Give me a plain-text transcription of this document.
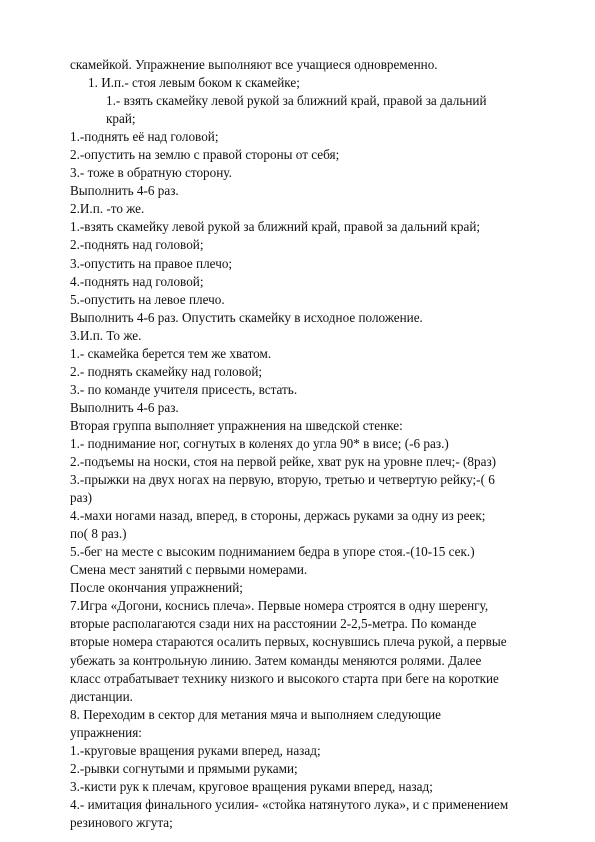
скамейкой. Упражнение выполняют все учащиеся одновременно.
1. И.п.- стоя левым боком к скамейке;
1.- взять скамейку левой рукой за ближний край, правой за дальний
край;
1.-поднять её над головой;
2.-опустить на землю с правой стороны от себя;
3.- тоже в обратную сторону.
Выполнить 4-6 раз.
2.И.п. -то же.
1.-взять скамейку левой рукой за ближний край, правой за дальний край;
2.-поднять над головой;
3.-опустить на правое плечо;
4.-поднять над головой;
5.-опустить на левое плечо.
Выполнить 4-6 раз. Опустить скамейку в исходное положение.
3.И.п. То же.
1.- скамейка берется тем же хватом.
2.- поднять скамейку над головой;
3.- по команде учителя присесть, встать.
Выполнить 4-6 раз.
Вторая группа выполняет упражнения на шведской стенке:
1.- поднимание ног, согнутых в коленях до угла 90* в висе; (-6 раз.)
2.-подъемы на носки, стоя на первой рейке, хват рук на уровне плеч;- (8раз)
3.-прыжки на двух ногах на первую, вторую, третью и четвертую рейку;-( 6
раз)
4.-махи ногами назад, вперед, в стороны, держась руками за одну из реек;
по( 8 раз.)
5.-бег на месте с высоким подниманием бедра в упоре стоя.-(10-15 сек.)
Смена мест занятий с первыми номерами.
После окончания упражнений;
7.Игра «Догони, коснись плеча». Первые номера строятся в одну шеренгу,
вторые располагаются сзади них на расстоянии 2-2,5-метра. По команде
вторые номера стараются осалить первых, коснувшись плеча рукой, а первые
убежать за контрольную линию. Затем команды меняются ролями. Далее
класс отрабатывает технику низкого и высокого старта при беге на короткие
дистанции.
8. Переходим в сектор для метания мяча и выполняем следующие
упражнения:
1.-круговые вращения руками вперед, назад;
2.-рывки согнутыми и прямыми руками;
3.-кисти рук к плечам, круговое вращения руками вперед, назад;
4.- имитация финального усилия- «стойка натянутого лука», и с применением
резинового жгута;
